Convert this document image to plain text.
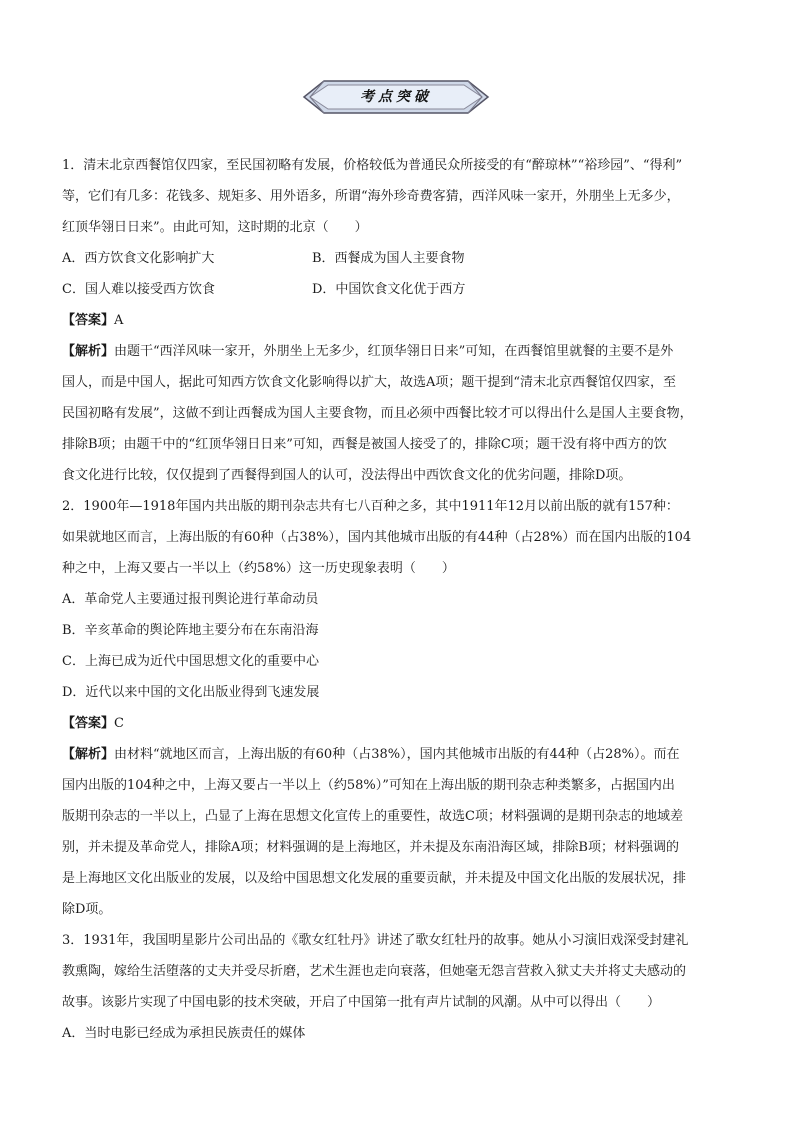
考点突破

1．清末北京西餐馆仅四家，至民国初略有发展，价格较低为普通民众所接受的有“醉琼林”“裕珍园”、“得利”

等，它们有几多：花钱多、规矩多、用外语多，所谓“海外珍奇费客猜，西洋风味一家开，外朋坐上无多少，

红顶华翎日日来”。由此可知，这时期的北京（　　）

A．西方饮食文化影响扩大	B．西餐成为国人主要食物

C．国人难以接受西方饮食	D．中国饮食文化优于西方

【答案】A

【解析】由题干“西洋风味一家开，外朋坐上无多少，红顶华翎日日来”可知，在西餐馆里就餐的主要不是外

国人，而是中国人，据此可知西方饮食文化影响得以扩大，故选A项；题干提到“清末北京西餐馆仅四家，至

民国初略有发展”，这做不到让西餐成为国人主要食物，而且必须中西餐比较才可以得出什么是国人主要食物，

排除B项；由题干中的“红顶华翎日日来”可知，西餐是被国人接受了的，排除C项；题干没有将中西方的饮

食文化进行比较，仅仅提到了西餐得到国人的认可，没法得出中西饮食文化的优劣问题，排除D项。

2．1900年—1918年国内共出版的期刊杂志共有七八百种之多，其中1911年12月以前出版的就有157种：

如果就地区而言，上海出版的有60种（占38%），国内其他城市出版的有44种（占28%）而在国内出版的104

种之中，上海又要占一半以上（约58%）这一历史现象表明（　　）

A．革命党人主要通过报刊舆论进行革命动员

B．辛亥革命的舆论阵地主要分布在东南沿海

C．上海已成为近代中国思想文化的重要中心

D．近代以来中国的文化出版业得到飞速发展

【答案】C

【解析】由材料“就地区而言，上海出版的有60种（占38%），国内其他城市出版的有44种（占28%）。而在

国内出版的104种之中，上海又要占一半以上（约58%）”可知在上海出版的期刊杂志种类繁多，占据国内出

版期刊杂志的一半以上，凸显了上海在思想文化宣传上的重要性，故选C项；材料强调的是期刊杂志的地域差

别，并未提及革命党人，排除A项；材料强调的是上海地区，并未提及东南沿海区域，排除B项；材料强调的

是上海地区文化出版业的发展，以及给中国思想文化发展的重要贡献，并未提及中国文化出版的发展状况，排

除D项。

3．1931年，我国明星影片公司出品的《歌女红牡丹》讲述了歌女红牡丹的故事。她从小习演旧戏深受封建礼

教熏陶，嫁给生活堕落的丈夫并受尽折磨，艺术生涯也走向衰落，但她毫无怨言营救入狱丈夫并将丈夫感动的

故事。该影片实现了中国电影的技术突破，开启了中国第一批有声片试制的风潮。从中可以得出（　　）

A．当时电影已经成为承担民族责任的媒体
